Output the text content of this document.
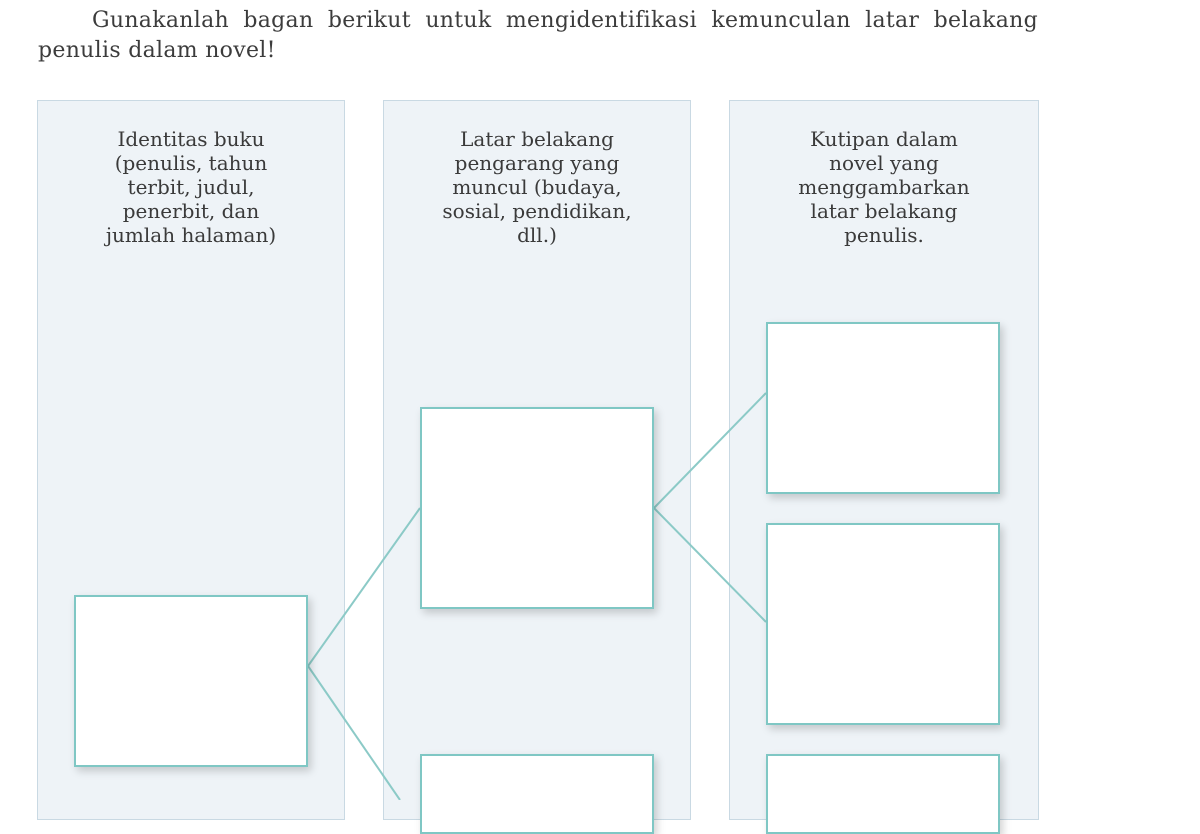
Gunakanlah bagan berikut untuk mengidentifikasi kemunculan latar belakang penulis dalam novel!
Identitas buku
(penulis, tahun
terbit, judul,
penerbit, dan
jumlah halaman)
Latar belakang
pengarang yang
muncul (budaya,
sosial, pendidikan,
dll.)
Kutipan dalam
novel yang
menggambarkan
latar belakang
penulis.
